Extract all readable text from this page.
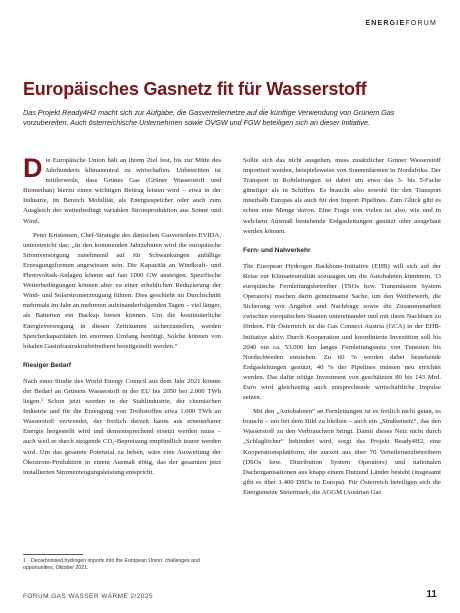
ENERGIEFORUM
Europäisches Gasnetz fit für Wasserstoff

Das Projekt Ready4H2 macht sich zur Aufgabe, die Gasverteilernetze auf die künftige Verwendung von Grünem Gas vorzubereiten. Auch österreichische Unternehmen sowie ÖVGW und FGW beteiligen sich an dieser Initiative.

Die Europäische Union hält an ihrem Ziel fest, bis zur Mitte des Jahrhunderts klimaneutral zu wirtschaften. Unbestritten ist mittlerweile, dass Grünes Gas (Grüner Wasserstoff und Biomethan) hierzu einen wichtigen Beitrag leisten wird – etwa in der Industrie, im Bereich Mobilität, als Energiespeicher oder auch zum Ausgleich der wetterbedingt variablen Stromproduktion aus Sonne und Wind.

Peter Kristensen, Chef-Strategie des dänischen Gasverteilers EVIDA, unterstreicht das: „In den kommenden Jahrzehnten wird die europäische Stromversorgung zunehmend auf für Schwankungen anfällige Erzeugungsformen angewiesen sein. Die Kapazität an Windkraft- und Photovoltaik-Anlagen könnte auf fast 1000 GW ansteigen. Spezifische Wetterbedingungen können aber zu einer erheblichen Reduzierung der Wind- und Solarstromerzeugung führen. Dies geschieht im Durchschnitt mehrmals im Jahr an mehreren aufeinanderfolgenden Tagen – viel länger, als Batterien ein Backup bieten können. Um die kontinuierliche Energieversorgung in diesen Zeiträumen sicherzustellen, werden Speicherkapazitäten im enormen Umfang benötigt. Solche können von lokalen Gasinfrastrukturbetreibern bereitgestellt werden.“

Riesiger Bedarf

Nach einer Studie des World Energy Council aus dem Jahr 2021 könnte der Bedarf an Grünem Wasserstoff in der EU bis 2050 bei 2.000 TWh liegen.¹ Schon jetzt werden in der Stahlindustrie, der chemischen Industrie und für die Erzeugung von Treibstoffen etwa 1.000 TWh an Wasserstoff verwendet, der freilich derzeit kaum aus erneuerbarer Energie hergestellt wird und dementsprechend ersetzt werden muss – auch weil er durch steigende CO₂-Bepreisung empfindlich teurer werden wird. Um das gesamte Potenzial zu heben, wäre eine Ausweitung der Ökostrom-Produktion in einem Ausmaß nötig, das der gesamten jetzt installierten Stromerzeugungsleistung entspricht.

Sollte sich das nicht ausgehen, muss zusätzlicher Grüner Wasserstoff importiert werden, beispielsweise von Sonnenfarmen in Nordafrika. Der Transport in Rohrleitungen ist dabei um etwa das 3- bis 5-Fache günstiger als in Schiffen. Es braucht also sowohl für den Transport innerhalb Europas als auch für den Import Pipelines. Zum Glück gibt es schon eine Menge davon. Eine Frage von vielen ist also, wie und in welchem Ausmaß bestehende Erdgasleitungen genützt oder ausgebaut werden können.

Fern- und Nahverkehr

The European Hydrogen Backbone-Initiative (EHB) will sich auf der Reise zur Klimaneutralität sozusagen um die Autobahnen kümmern. 33 europäische Fernleitungsbetreiber (TSOs bzw. Transmission System Operators) machen darin gemeinsame Sache, um den Wettbewerb, die Sicherung von Angebot und Nachfrage sowie die Zusammenarbeit zwischen europäischen Staaten untereinander und mit ihren Nachbarn zu fördern. Für Österreich ist die Gas Connect Austria (GCA) in der EHB-Initiative aktiv. Durch Kooperation und koordinierte Investition soll bis 2040 ein ca. 53.000 km langes Fernleitungsnetz von Tunesien bis Nordschweden entstehen. Zu 60 % werden dabei bestehende Erdgasleitungen genutzt, 40 % der Pipelines müssen neu errichtet werden. Das dafür nötige Investment von geschätzten 80 bis 143 Mrd. Euro wird gleichzeitig auch entsprechende wirtschaftliche Impulse setzen.

Mit den „Autobahnen“ an Fernleitungen ist es freilich nicht getan, es braucht – um bei dem Bild zu bleiben – auch ein „Straßennetz“, das den Wasserstoff zu den Verbrauchern bringt. Damit dieses Netz nicht durch „Schlaglöcher“ behindert wird, sorgt das Projekt Ready4H2, eine Kooperationsplattform, die zurzeit aus über 70 Verteilernetzbetreibern (DSOs bzw. Distribution System Operators) und nationalen Dachorganisationen aus knapp einem Dutzend Länder besteht (insgesamt gibt es über 1.400 DSOs in Europa). Für Österreich beteiligen sich die Energienetze Steiermark, die AGGM (Austrian Gas

1 Decarbonised hydrogen imports into the European Union: challenges and opportunities, Oktober 2021.
FORUM GAS WASSER WÄRME 2/2025	11
